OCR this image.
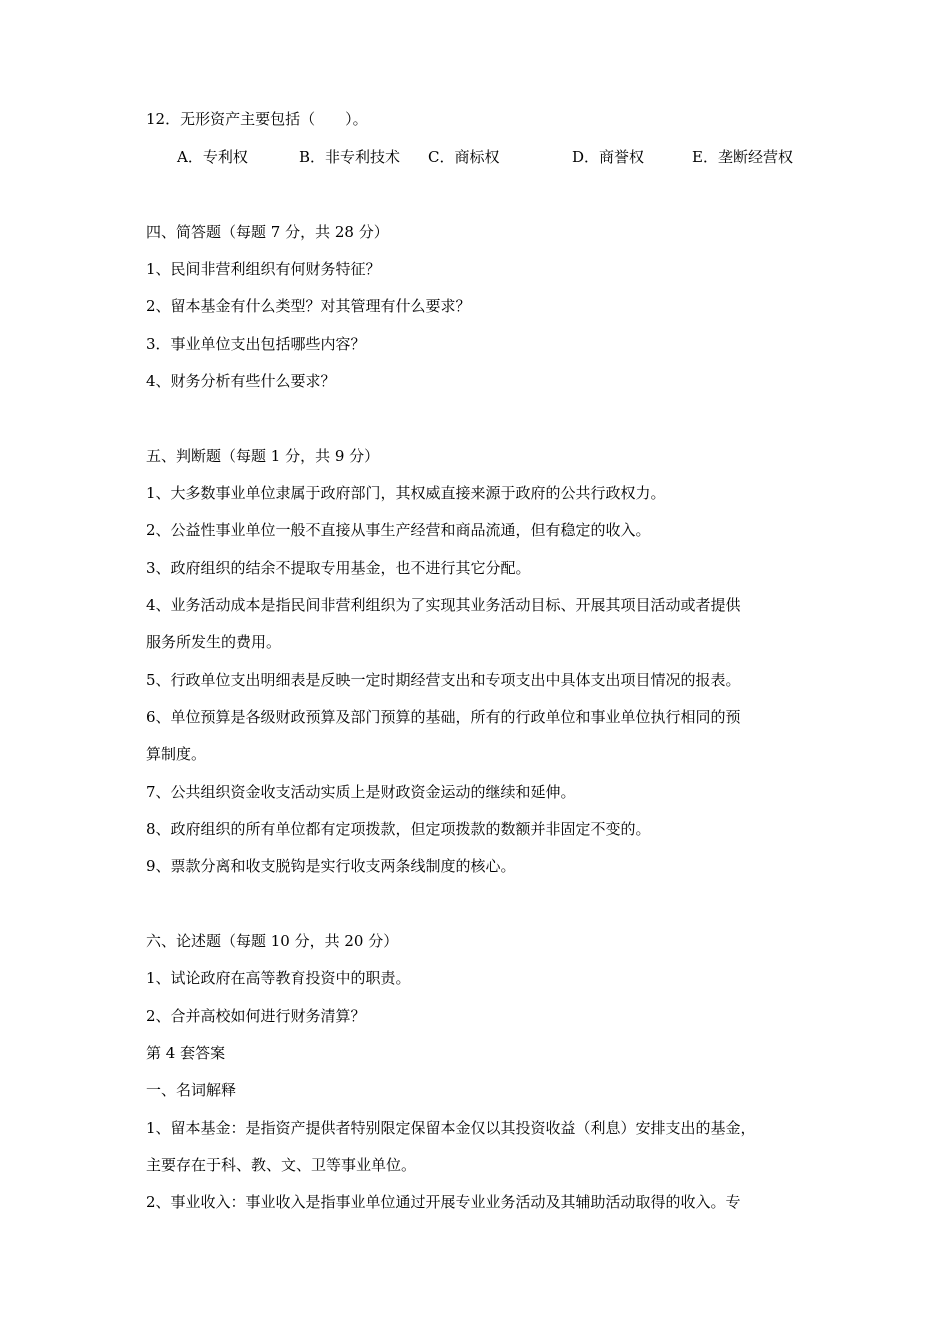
12．无形资产主要包括（　　）。
A．专利权	B．非专利技术 C．商标权	D．商誉权	E．垄断经营权
四、简答题（每题 7 分，共 28 分）
1、民间非营利组织有何财务特征？
2、留本基金有什么类型？对其管理有什么要求？
3．事业单位支出包括哪些内容？
4、财务分析有些什么要求？
五、判断题（每题 1 分，共 9 分）
1、大多数事业单位隶属于政府部门，其权威直接来源于政府的公共行政权力。
2、公益性事业单位一般不直接从事生产经营和商品流通，但有稳定的收入。
3、政府组织的结余不提取专用基金，也不进行其它分配。
4、业务活动成本是指民间非营利组织为了实现其业务活动目标、开展其项目活动或者提供
服务所发生的费用。
5、行政单位支出明细表是反映一定时期经营支出和专项支出中具体支出项目情况的报表。
6、单位预算是各级财政预算及部门预算的基础，所有的行政单位和事业单位执行相同的预
算制度。
7、公共组织资金收支活动实质上是财政资金运动的继续和延伸。
8、政府组织的所有单位都有定项拨款，但定项拨款的数额并非固定不变的。
9、票款分离和收支脱钩是实行收支两条线制度的核心。
六、论述题（每题 10 分，共 20 分）
1、试论政府在高等教育投资中的职责。
2、合并高校如何进行财务清算？
第 4 套答案
一、名词解释
1、留本基金：是指资产提供者特别限定保留本金仅以其投资收益（利息）安排支出的基金，
主要存在于科、教、文、卫等事业单位。
2、事业收入：事业收入是指事业单位通过开展专业业务活动及其辅助活动取得的收入。专
